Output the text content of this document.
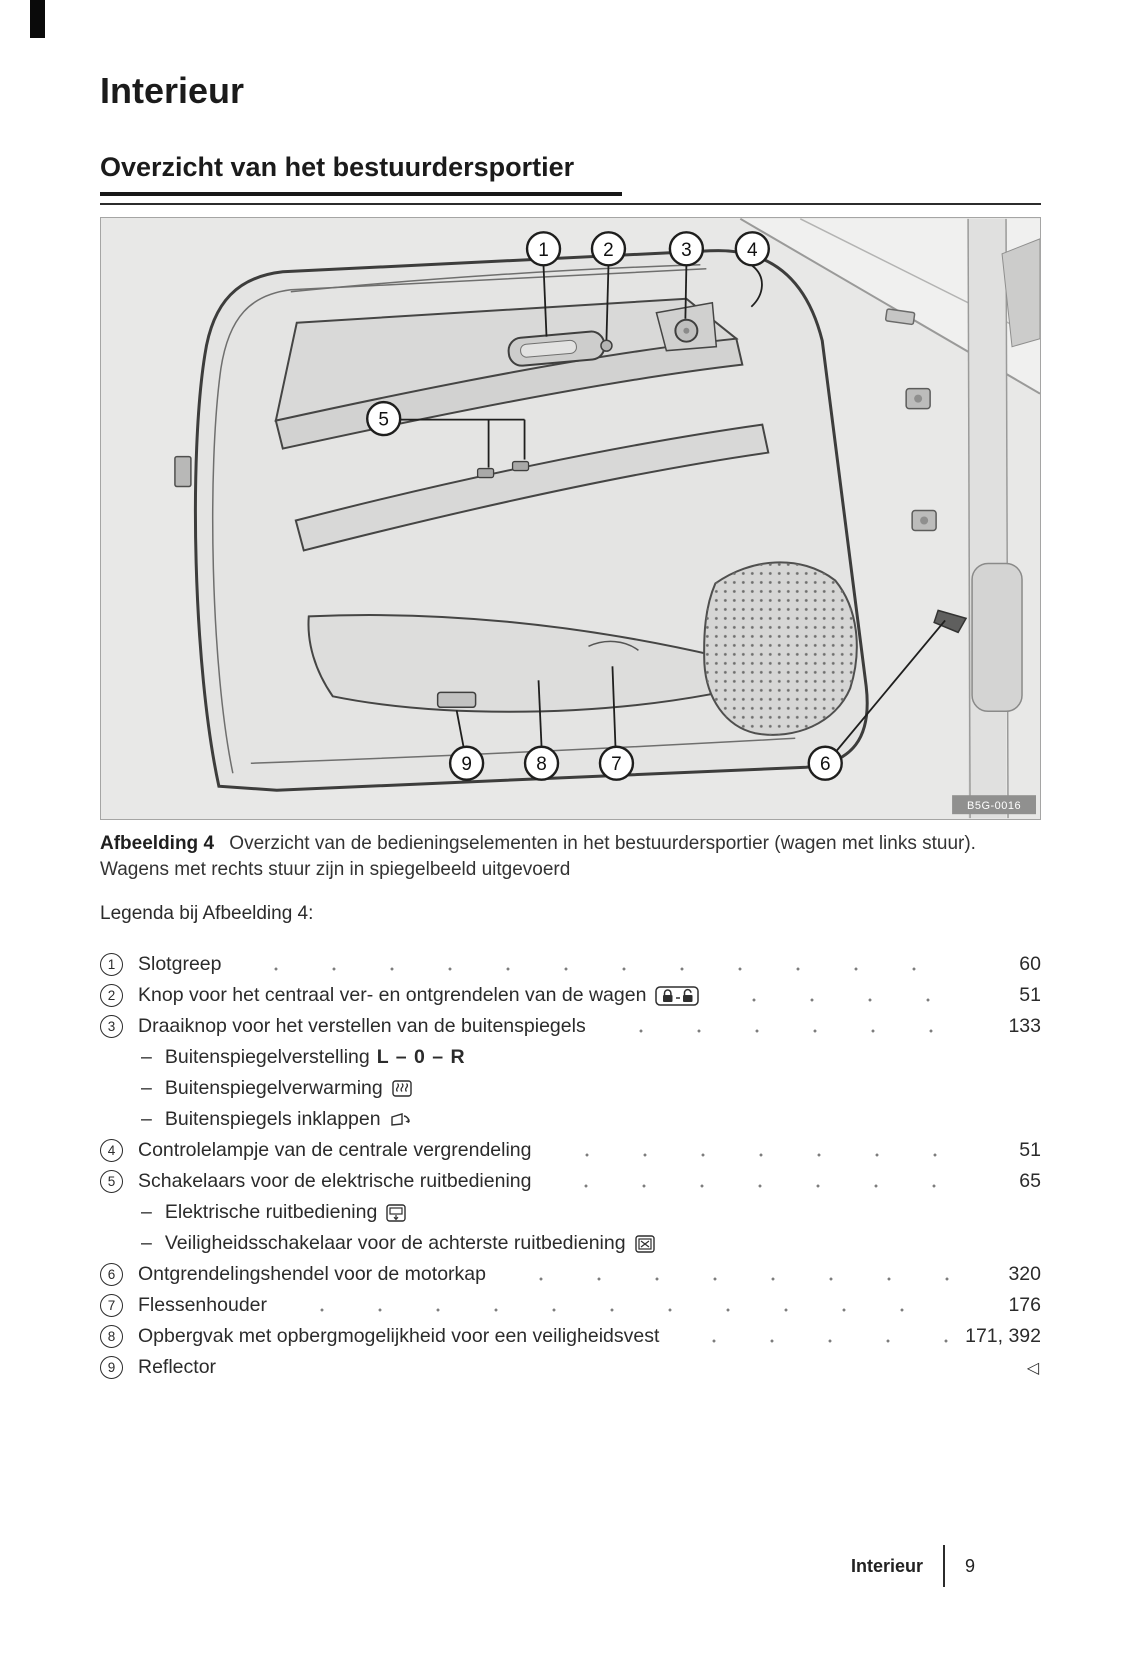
Interieur
Overzicht van het bestuurdersportier
1	2	3	4
5
9	8	7	6
B5G-0016
Afbeelding 4 Overzicht van de bedieningselementen in het bestuurdersportier (wagen met links stuur).
Wagens met rechts stuur zijn in spiegelbeeld uitgevoerd
Legenda bij Afbeelding 4:
1	Slotgreep	60
2	Knop voor het centraal ver- en ontgrendelen van de wagen	51
3	Draaiknop voor het verstellen van de buitenspiegels	133
– Buitenspiegelverstelling L – 0 – R
– Buitenspiegelverwarming
– Buitenspiegels inklappen
4	Controlelampje van de centrale vergrendeling	51
5	Schakelaars voor de elektrische ruitbediening	65
– Elektrische ruitbediening
– Veiligheidsschakelaar voor de achterste ruitbediening
6	Ontgrendelingshendel voor de motorkap	320
7	Flessenhouder	176
8	Opbergvak met opbergmogelijkheid voor een veiligheidsvest	171, 392
9	Reflector	◁
Interieur 9
